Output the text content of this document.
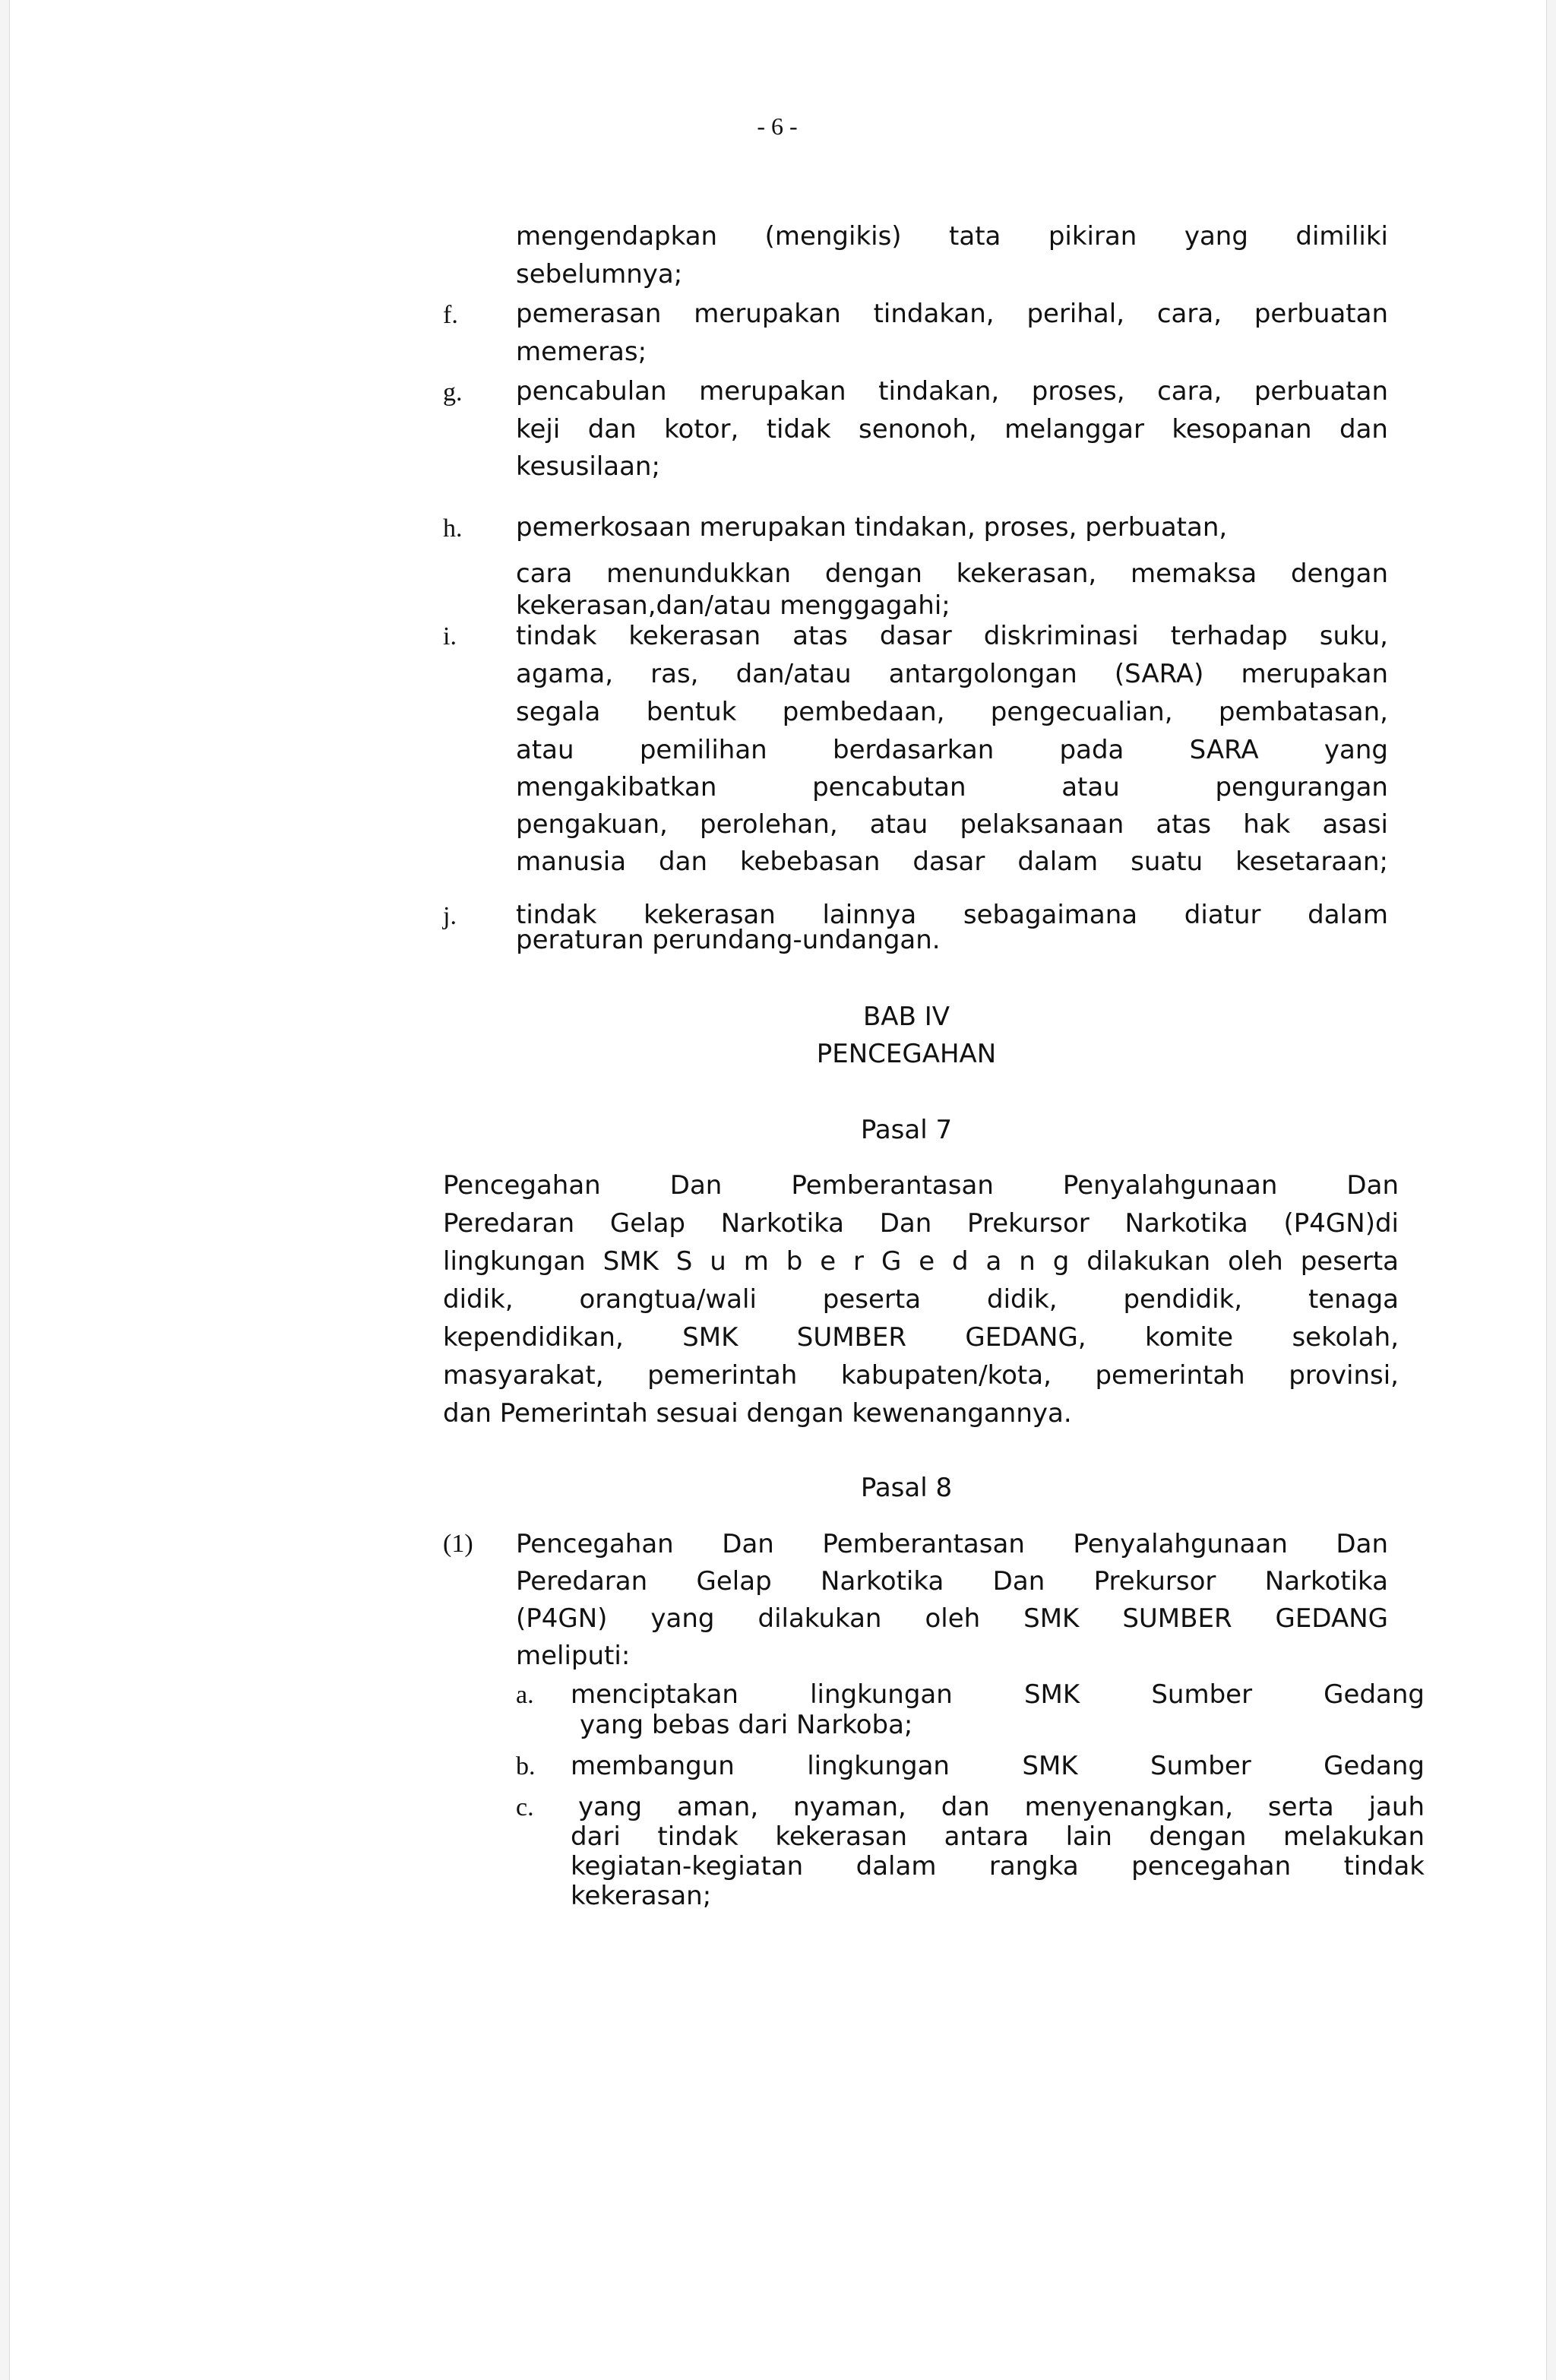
- 6 -
mengendapkan (mengikis) tata pikiran yang dimiliki
sebelumnya;
f. pemerasan merupakan tindakan, perihal, cara, perbuatan
memeras;
g. pencabulan merupakan tindakan, proses, cara, perbuatan
keji dan kotor, tidak senonoh, melanggar kesopanan dan
kesusilaan;
h. pemerkosaan merupakan tindakan, proses, perbuatan,
cara menundukkan dengan kekerasan, memaksa dengan
kekerasan,dan/atau menggagahi;
i. tindak kekerasan atas dasar diskriminasi terhadap suku,
agama, ras, dan/atau antargolongan (SARA) merupakan
segala bentuk pembedaan, pengecualian, pembatasan,
atau pemilihan berdasarkan pada SARA yang
mengakibatkan pencabutan atau pengurangan
pengakuan, perolehan, atau pelaksanaan atas hak asasi
manusia dan kebebasan dasar dalam suatu kesetaraan;
j. tindak kekerasan lainnya sebagaimana diatur dalam
peraturan perundang-undangan.
BAB IV
PENCEGAHAN
Pasal 7
Pencegahan Dan Pemberantasan Penyalahgunaan Dan
Peredaran Gelap Narkotika Dan Prekursor Narkotika (P4GN)di
lingkungan SMK S u m b e r G e d a n g dilakukan oleh peserta
didik, orangtua/wali peserta didik, pendidik, tenaga
kependidikan, SMK SUMBER GEDANG, komite sekolah,
masyarakat, pemerintah kabupaten/kota, pemerintah provinsi,
dan Pemerintah sesuai dengan kewenangannya.
Pasal 8
(1) Pencegahan Dan Pemberantasan Penyalahgunaan Dan
Peredaran Gelap Narkotika Dan Prekursor Narkotika
(P4GN) yang dilakukan oleh SMK SUMBER GEDANG
meliputi:
a. menciptakan lingkungan SMK Sumber Gedang
yang bebas dari Narkoba;
b. membangun lingkungan SMK Sumber Gedang
c. yang aman, nyaman, dan menyenangkan, serta jauh
dari tindak kekerasan antara lain dengan melakukan
kegiatan-kegiatan dalam rangka pencegahan tindak
kekerasan;
